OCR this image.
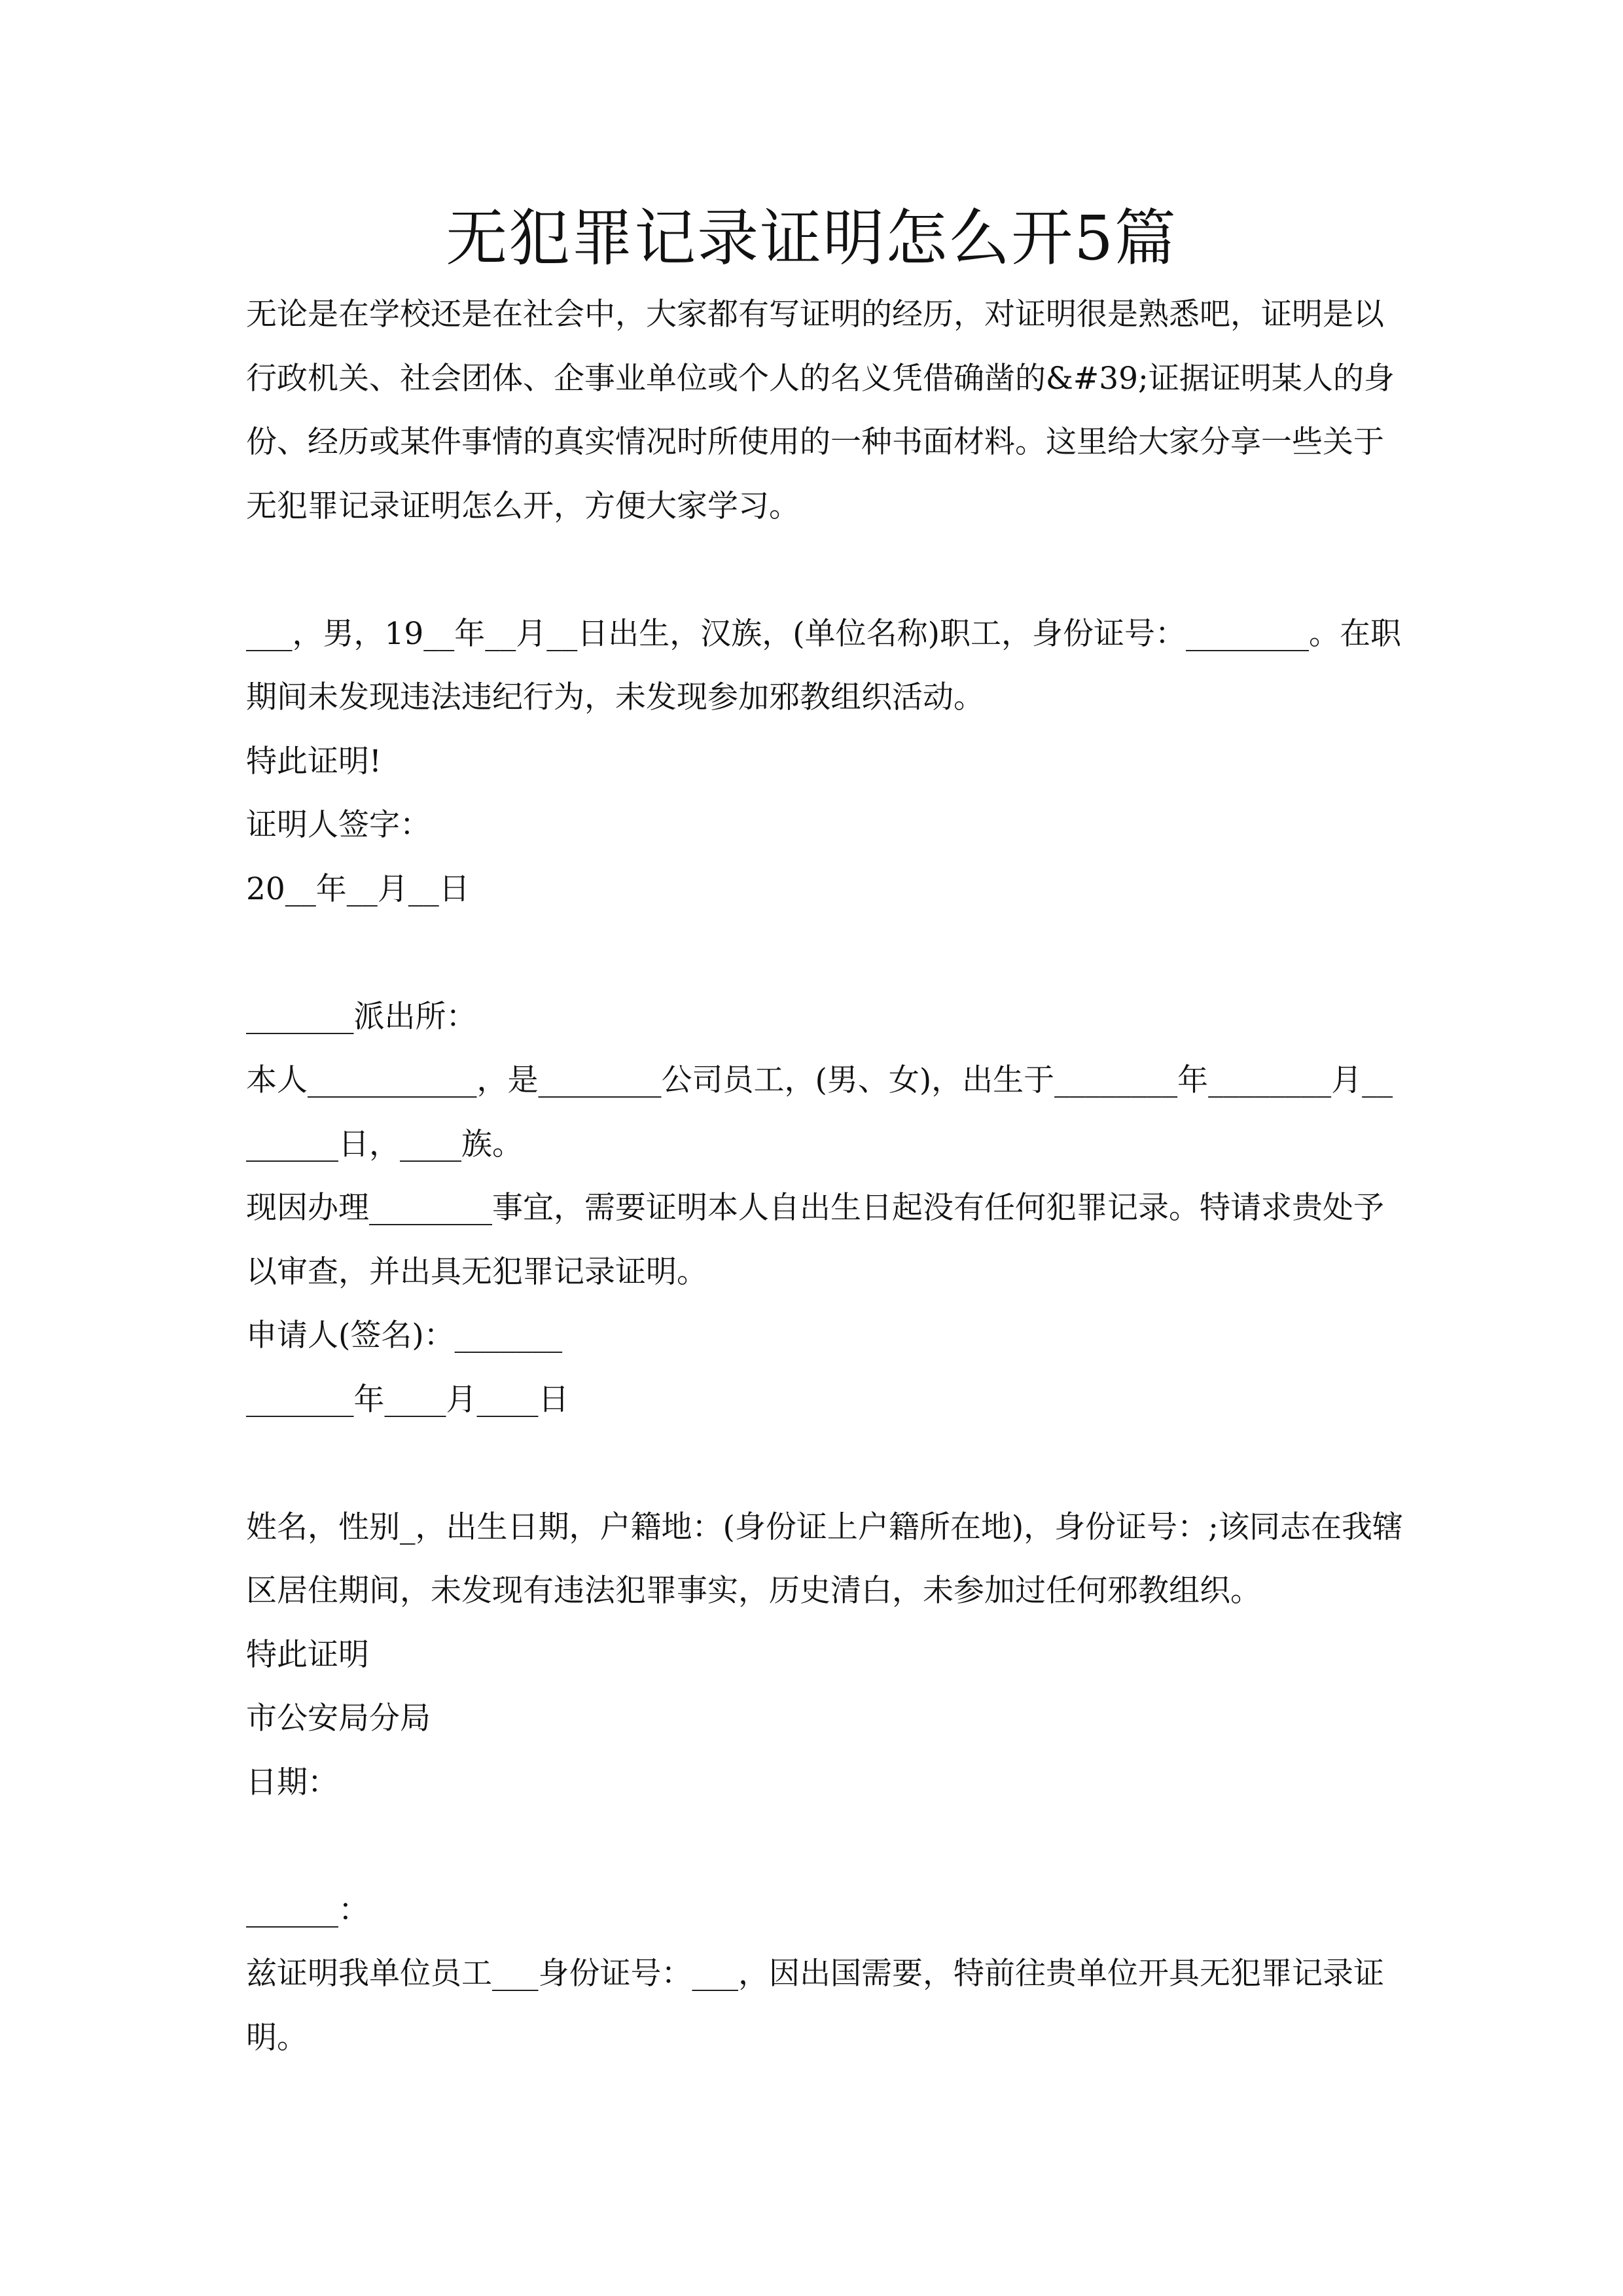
无犯罪记录证明怎么开5篇

无论是在学校还是在社会中，大家都有写证明的经历，对证明很是熟悉吧，证明是以行政机关、社会团体、企事业单位或个人的名义凭借确凿的&#39;证据证明某人的身份、经历或某件事情的真实情况时所使用的一种书面材料。这里给大家分享一些关于无犯罪记录证明怎么开，方便大家学习。

___，男，19__年__月__日出生，汉族，(单位名称)职工，身份证号：________。在职期间未发现违法违纪行为，未发现参加邪教组织活动。

特此证明!

证明人签字：

20__年__月__日

_______派出所：

本人___________，是________公司员工，(男、女)，出生于________年________月________日，____族。

现因办理________事宜，需要证明本人自出生日起没有任何犯罪记录。特请求贵处予以审查，并出具无犯罪记录证明。

申请人(签名)：_______

_______年____月____日

姓名，性别_，出生日期，户籍地：(身份证上户籍所在地)，身份证号：;该同志在我辖区居住期间，未发现有违法犯罪事实，历史清白，未参加过任何邪教组织。

特此证明

市公安局分局

日期：

______：

兹证明我单位员工___身份证号：___，因出国需要，特前往贵单位开具无犯罪记录证明。
